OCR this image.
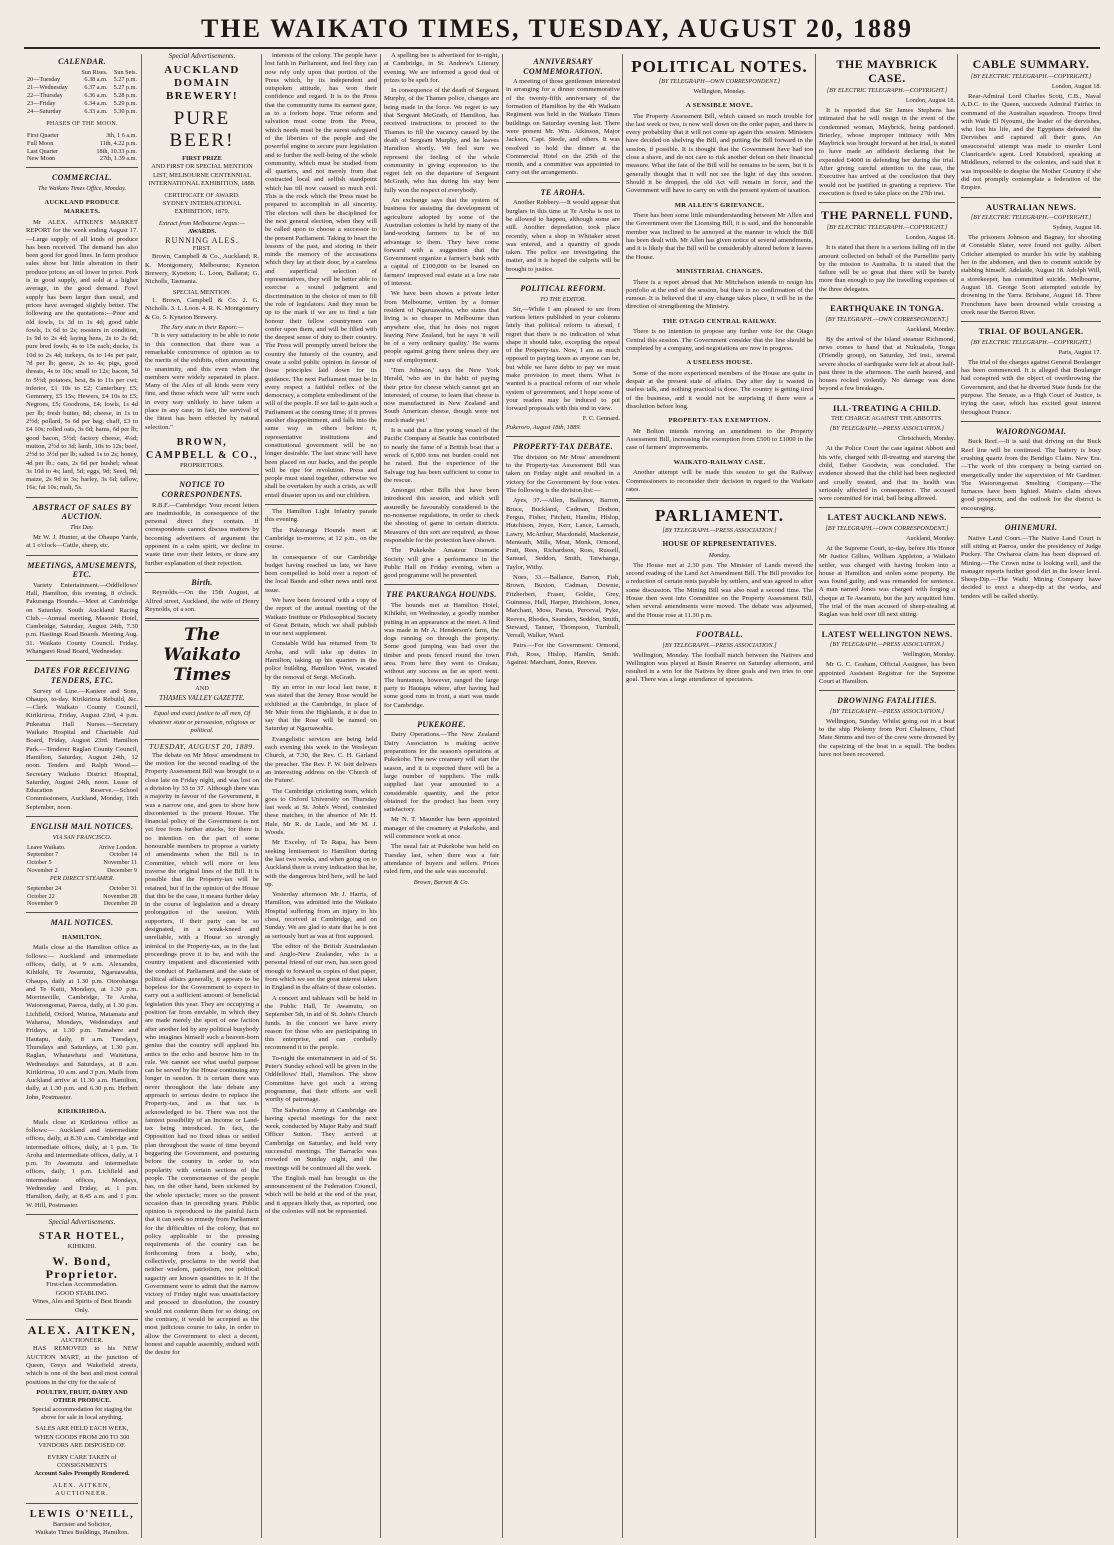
THE WAIKATO TIMES, TUESDAY, AUGUST 20, 1889
CALENDAR.
	Sun Rises.	Sun Sets.
20—Tuesday	6.38 a.m.	5.27 p.m.
21—Wednesday	6.37 a.m.	5.27 p.m.
22—Thursday	6.36 a.m.	5.28 p.m.
23—Friday	6.34 a.m.	5.29 p.m.
24—Saturday	6.33 a.m.	5.30 p.m.
PHASES OF THE MOON.
First Quarter	3th, 1 6 a.m.
Full Moon	11th, 4.22 p.m.
Last Quarter	18th, 10.33 p.m.
New Moon	27th, 1.39 a.m.
COMMERCIAL.
The Waikato Times Office, Monday.
AUCKLAND PRODUCE MARKETS.

Mr ALEX. AITKEN'S MARKET REPORT for the week ending August 17.—Large supply of all kinds of produce has been received. The demand has also been good for good lines. In farm produce sales show but little alteration in their produce prices; an oil lower in price. Pork is in good supply, and sold at a higher average, in the good demand. Fowl supply has been larger than usual, and prices have averaged slightly better. The following are the quotations:—Poor and old fowls, 1s 3d to 1s 4d; good table fowls, 1s 6d to 2s; roosters in condition, 1s 9d to 2s 4d; laying hens, 2s to 2s 6d; pure bred fowls, 4s to 15s each; ducks, 1s 10d to 2s 4d; turkeys, 6s to 14s per pair, 7d per lb; geese, 2s to 4s; pigs, good threats, 4s to 10s; small to 12s; bacon, 5d to 5½d; potatoes, best, 8s to 11s per cwt; inferior, £1 10s to £2; Canterbury £5; Gemmery, £5 15s; Hewers, £4 10s to £5; Negroes, £5; Goodrons, £4; fowls, 1s 4d per lb; fresh butter, 8d; cheese, in 1s to 2½d; pollard, 5s 6d per bag; chaff, £3 to £4 10s; rolled oats, 3s 6d; hams, 6d per lb; good bacon, 5½d; factory cheese, 4¼d; mutton, 2½d to 3d; lamb, 10s to 12s; beef, 2½d to 3½d per lb; salted 1s to 2s; honey, 4d per lb.; oats, 2s 6d per bushel; wheat 3s 10d to 4s; lard, 5d; eggs, 9d; Seed, 9d; maize, 2s 9d to 3s; barley, 3s 6d; tallow, 16s; fat 10s; malt, 5s.

ABSTRACT OF SALES BY AUCTION.
This Day.

Mr W. J. Hunter, at the Ohaupo Yards, at 1 o'clock—Cattle, sheep, etc.

MEETINGS, AMUSEMENTS, ETC.

Variety Entertainment.—Oddfellows' Hall, Hamilton, this evening, 8 o'clock. Pakuranga Hounds.—Meet at Cambridge on Saturday. South Auckland Racing Club.—Annual meeting, Masonic Hotel, Cambridge, Saturday, August 24th, 7.30 p.m. Hastings Road Boards. Meeting Aug. 31. Waikato County Council. Friday. Whangarei Road Board, Wednesday.

DATES FOR RECEIVING TENDERS, ETC.

Survey of Line.—Kaniere and Sons, Ohaupo, to-day. Kirikiriroa Rebuild, &c.—Clerk Waikato County Council, Kirikiriroa, Friday, August 23rd, 4 p.m. Pukeatua Hall Nurses.—Secretary Waikato Hospital and Charitable Aid Board, Friday, August 23rd. Hamilton Park.—Tenderer Raglan County Council, Hamilton, Saturday, August 24th, 12 noon. Tenders and Ralph Wood.—Secretary Waikato District Hospital, Saturday, August 24th, noon. Lease of Education Reserve.—School Commissioners, Auckland, Monday, 16th September, noon.

ENGLISH MAIL NOTICES.
VIA SAN FRANCISCO.
Leave Waikato.	Arrive London.
September 7	October 14
October 5	November 11
November 2	December 9
PER DIRECT STEAMER.
September 24	October 31
October 22	November 28
November 9	December 20
MAIL NOTICES.
HAMILTON.

Mails close at the Hamilton office as follows:— Auckland and intermediate offices, daily, at 9 a.m. Alexandra, Kihikihi, Te Awamutu, Ngaruawahia, Ohaupo, daily at 1.30 p.m. Otorohanga and Te Kuiti, Mondays, at 1.30 p.m. Morrinsville, Cambridge, Te Aroha, Waiorongomai, Paeroa, daily, at 1.30 p.m. Lichfield, Oxford, Waitoa, Matamata and Waharoa, Mondays, Wednesdays and Fridays, at 1.30 p.m. Tamahere and Hautapu, daily, 8 a.m. Tuesdays, Thursdays and Saturdays, at 1.30 p.m. Raglan, Whatawhata and Waitetuna, Wednesdays and Saturdays, at 8 a.m. Kirikiriroa, 10 a.m. and 3 p.m. Mails from Auckland arrive at 11.30 a.m. Hamilton, daily, at 1.30 p.m. and 6.30 p.m. Herbert John, Postmaster.

KIRIKIRIROA.

Mails close at Kirikiriroa office as follows:— Auckland and intermediate offices, daily, at 8.30 a.m. Cambridge and intermediate offices, daily, at 1 p.m. Te Aroha and intermediate offices, daily, at 1 p.m. To Awamutu and intermediate offices, daily, 1 p.m. Lichfield and intermediate offices, Mondays, Wednesday and Friday, at 1 p.m. Hamilton, daily, at 8.45 a.m. and 1 p.m. W. Hill, Postmaster.

Special Advertisements.
STAR HOTEL,
KIHIKIHI.
W. Bond, Proprietor.
First-class Accommodation.
GOOD STABLING.
Wines, Ales and Spirits of Best Brands Only.
ALEX. AITKEN,
AUCTIONEER.

HAS REMOVED to his NEW AUCTION MART, at the junction of Queen, Greys and Wakefield streets, which is one of the best and most central positions in the city for the sale of

POULTRY, FRUIT, DAIRY AND OTHER PRODUCE.
Special accommodation for staging the above for sale in local anything.
SALES ARE HELD EACH WEEK, WHEN GOODS FROM 200 TO 300 VENDORS ARE DISPOSED OF.
EVERY CARE TAKEN of CONSIGNMENTS
Account Sales Promptly Rendered.
ALEX. AITKEN, AUCTIONEER.
LEWIS O'NEILL,
Barrister and Solicitor,
Waikato Times Buildings, Hamilton.
Special Advertisements.
AUCKLAND DOMAIN BREWERY!
PURE BEER!
FIRST PRIZE
AND FIRST OR SPECIAL MENTION LIST, MELBOURNE CENTENNIAL INTERNATIONAL EXHIBITION, 1888.
CERTIFICATE OF AWARD.
SYDNEY INTERNATIONAL EXHIBITION, 1879.
Extract from Melbourne Argus:—
AWARDS.
RUNNING ALES.
FIRST.

Brown, Campbell & Co., Auckland; R. K. Montgomery, Melbourne; Kyneton Brewery, Kyneton; L. Loon, Ballarat; G. Nicholls, Tasmania.

SPECIAL MENTION.

1. Brown, Campbell & Co. 2. G. Nicholls. 3. L. Loon. 4. R. K. Montgomery & Co. 5. Kyneton Brewery.

The Jury state in their Report:—

"It is very satisfactory to be able to note in this connection that there was a remarkable concurrence of opinion as to the merits of the exhibits, often amounting to unanimity, and this even when the members were widely separated in place. Many of the Ales of all kinds were very fine, and those which were 'all' were such in every way unlikely to have taken a place in any case; in fact, the survival of the fittest has been effected by natural selection."

BROWN, CAMPBELL & CO.,
PROPRIETORS.
NOTICE TO CORRESPONDENTS.

R.B.F.—Cambridge: Your recent letters are inadmissible, in consequence of the personal direct they contain. If correspondents cannot discuss matters by becoming advertisers of argument the opponent in a calm spirit, we decline to waste time over their letters, or draw any further explanation of their rejection.

Birth.

Reynolds.—On the 15th August, at Alfred street, Auckland, the wife of Henry Reynolds, of a son.

The Waikato Times
AND
THAMES VALLEY GAZETTE.
Equal and exact justice to all men, Of whatever state or persuasion, religious or political.
TUESDAY, AUGUST 20, 1889.

The debate on Mr Moss' amendment to the motion for the second reading of the Property Assessment Bill was brought to a close late on Friday night, and was lost on a division by 33 to 37. Although there was a majority in favour of the Government, it was a narrow one, and goes to show how discontented is the present House. The financial policy of the Government is not yet free from further attacks, for there is no intention on the part of some honourable members to propose a variety of amendments when the Bill is in Committee, which will more or less traverse the original lines of the Bill. It is possible that the Property-tax will be retained, but if in the opinion of the House that this be the case, it means further delay in the course of legislation and a dreary prolongation of the session. With supporters, if their party can be so designated, in a weak-kneed and unreliable, with a House so strongly inimical to the Property-tax, as in the last proceedings prove it to be, and with the country impatient and discontented with the conduct of Parliament and the state of political affairs generally, it appears to be hopeless for the Government to expect to carry out a sufficient amount of beneficial legislation this year. They are occupying a position far from enviable, in which they are made merely the sport of one faction after another led by any political busybody who imagines himself such a heaven-born genius that the country will applaud his antics to the echo and besrow him to its rule. We cannot see what useful purpose can be served by the House continuing any longer in session. It is certain there was never throughout the late debate any approach to serious desire to replace the Property-tax, and as that tax is acknowledged to be. There was not the faintest possibility of an Income or Land-tax being introduced. In fact, the Opposition had no fixed ideas or settled plan throughout the waste of time beyond beggaring the Government, and posturing before the country in order to win popularity with certain sections of the people. The commonsense of the people has, on the other hand, been sickened by the whole spectacle; more so the present occasion than in preceding years. Public opinion is reproduced to the painful facts that it can seek no remedy from Parliament for the difficulties of the colony, that no policy applicable to the pressing requirements of the country can be forthcoming from a body, who, collectively, proclaims to the world that neither wisdom, patriotism, nor political sagacity are known quantities to it. If the Government were to admit that the narrow victory of Friday night was unsatisfactory and proceed to dissolution, the country would not condemn them for so doing; on the contrary, it would be accepted as the most judicious course to take, in order to allow the Government to elect a decent, honest and capable assembly, endued with the desire for

interests of the colony. The people have lost faith in Parliament, and feel they can now rely only upon that portion of the Press which, by its independent and outspoken attitude, has won their confidence and regard. It is to the Press that the community turns its earnest gaze, as to a forlorn hope. True reform and salvation must come from the Press, which needs must be the surest safeguard of the liberties of the people and the powerful engine to secure pure legislation and to further the well-being of the whole community, which must be studied from all quarters, and not merely from that contracted local and selfish standpoint which has till now caused so much evil. This is the rock which the Press must be prepared to accomplish in all sincerity. The electors will then be disciplined for the next general election, when they will be called upon to choose a successor to the present Parliament. Taking to heart the lessons of the past, and storing in their minds the memory of the accusations which they lay at their door, by a careless and superficial selection of representatives, they will be better able to exercise a sound judgment and discrimination in the choice of men to fill the role of legislators. And they must be up to the mark if we are to find a fair honour their fellow countrymen can confer upon them, and will be filled with the deepest sense of duty to their country. The Press will promptly unveil before the country the futurely of the country, and create a solid public opinion in favour of those principles laid down for its guidance. The next Parliament must be in every respect a faithful reflex of the democracy, a complete embodiment of the will of the people. If we fail to gain such a Parliament at the coming time; if it proves another disappointment, and falls into the same way as others before it, representative institutions and constitutional government will be no longer desirable. The last straw will have been placed on our backs, and the people will be ripe for revolution. Press and people must stand together, otherwise we shall be overtaken by such a crisis, as will entail disaster upon us and our children.

The Hamilton Light Infantry parade this evening.

The Pakuranga Hounds meet at Cambridge to-morrow, at 12 p.m., on the course.

In consequence of our Cambridge budget having reached us late, we have been compelled to hold over a report of the local Bands and other news until next issue.

We have been favoured with a copy of the report of the annual meeting of the Waikato Institute or Philosophical Society of Great Britain, which we shall publish in our next supplement.

Constable Wild has returned from Te Aroha, and will take up duties in Hamilton, taking up his quarters in the police building, Hamilton West, vacated by the removal of Sergt. McGrath.

By an error in our local last issue, it was stated that the Jersey Rose would be exhibited at the Cambridge, in place of Mr Muir from the Highlands, it is due to say that the Rose will be named on Saturday at Ngaruawahia.

Evangelistic services are being held each evening this week in the Wesleyan Church, at 7.30, the Rev. C. H. Garland the preacher. The Rev. F. W. Isitt delivers an interesting address on the 'Church of the Future'.

The Cambridge cricketing team, which goes to Oxford University on Thursday last week at St. John's Wood, contested these matches, in the absence of Mr H. Hale, Mr R. de Laule, and Mr M. J. Woods.

Mr Excelsy, of Te Rapa, has been seeking lentisement to Hamilton during the last two weeks, and when going on to Auckland there is every indication that he, with the dangerous bird here, will be laid up.

Yesterday afternoon Mr J. Harris, of Hamilton, was admitted into the Waikato Hospital suffering from an injury to his chest, received at Cambridge, and on Sunday. We are glad to state that he is not as seriously hurt as was at first supposed.

The editor of the British Australasian and Anglo-New Zealander, who is a personal friend of our own, has seen good enough to forward us copies of that paper, from which we see the great interest taken in England in the affairs of these colonies.

A concert and tableaux will be held in the Public Hall, Te Awamutu, on September 5th, in aid of St. John's Church funds. In the concert we have every reason for those who are participating in this enterprise, and can cordially recommend it to the people.

To-night the entertainment in aid of St. Peter's Sunday school will be given in the Oddfellows' Hall, Hamilton. The show Committee have got such a strong programme, that their efforts are well worthy of patronage.

The Salvation Army at Cambridge are having special meetings for the next week, conducted by Major Raby and Staff Officer Sutton. They arrived at Cambridge on Saturday, and held very successful meetings. The Barracks was crowded on Sunday night, and the meetings will be continued all the week.

The English mail has brought us the announcement of the Federation Council, which will be held at the end of the year, and it appears likely that, as reported, one of the colonies will not be represented.

A spelling bee is advertised for to-night, at Cambridge, in St. Andrew's Literary evening. We are informed a good deal of prizes to be spelt for.

In consequence of the death of Sergeant Murphy, of the Thames police, changes are being made in the force. We regret to say that Sergeant McGrath, of Hamilton, has received instructions to proceed to the Thames to fill the vacancy caused by the death of Sergeant Murphy, and he leaves Hamilton shortly. We feel sure we represent the feeling of the whole community in giving expression to the regret felt on the departure of Sergeant McGrath, who has during his stay here fully won the respect of everybody.

An exchange says that the system of business for assisting the development of agriculture adopted by some of the Australian colonies is held by many of the land-working farmers to be of no advantage to them. They have come forward with a suggestion that the Government organize a farmer's bank with a capital of £100,000 to be loaned on farmers' improved real estate at a low rate of interest.

We have been shown a private letter from Melbourne, written by a former resident of Ngaruawahia, who states that living is so cheaper in Melbourne than anywhere else, that he does not regret leaving New Zealand, but he says 'it will be of a very ordinary quality.' He warns people against going there unless they are sure of employment.

'Tom Johnson,' says the New York Herald, 'who are in the habit of paying their price for cheese which cannot get an interested, of course, to learn that cheese is now manufactured in New Zealand and South American cheese, though were not much made yet.'

It is said that a fine young vessel of the Pacific Company at Seattle has contributed to nearly the fame of a British boat that a wreck of 6,000 tons net burden could not be raised. But the experience of the Salvage tug has been sufficient to come to the rescue.

Amongst other Bills that have been introduced this session, and which will assuredly be favourably considered is the no-nonsense regulations, in order to check the shooting of game in certain districts. Measures of this sort are required, as those responsible for the protection have shown.

The Pukekohe Amateur Dramatic Society will give a performance in the Public Hall on Friday evening, when a good programme will be presented.

THE PAKURANGA HOUNDS.

The hounds met at Hamilton Hotel, Kihikihi, on Wednesday, a goodly number putting in an appearance at the meet. A find was made in Mr A. Henderson's farm, the dogs running on through the property. Some good jumping was had over the timber and posts fenced round the town area. From here they went to Orakau, without any success as far as sport went. The huntsmen, however, ranged the large party to Hautapu where, after having had some good runs in front, a start was made for Cambridge.

PUKEKOHE.

Dairy Operations.—The New Zealand Dairy Association is making active preparations for the season's operations at Pukekohe. The new creamery will start the season, and it is expected there will be a large number of suppliers. The milk supplied last year amounted to a considerable quantity, and the price obtained for the product has been very satisfactory.

Mr N. T. Maunder has been appointed manager of the creamery at Pukekohe, and will commence work at once.

The usual fair at Pukekohe was held on Tuesday last, when there was a fair attendance of buyers and sellers. Prices ruled firm, and the sale was successful.

Brown, Barrett & Co.
ANNIVERSARY COMMEMORATION.

A meeting of those gentlemen interested in arranging for a dinner commemorative of the twenty-fifth anniversary of the formation of Hamilton by the 4th Waikato Regiment was held in the Waikato Times buildings on Saturday evening last. There were present Mr. Wm. Atkinson, Major Jackson, Capt. Steele, and others. It was resolved to hold the dinner at the Commercial Hotel on the 25th of the month, and a committee was appointed to carry out the arrangements.

TE AROHA.

Another Robbery.—It would appear that burglars in this time at Te Aroha is not to be allowed to happen, although some are still. Another depredation took place recently, when a shop in Whitaker street was entered, and a quantity of goods taken. The police are investigating the matter, and it is hoped the culprits will be brought to justice.

POLITICAL REFORM.
TO THE EDITOR.

Sir,—While I am pleased to see from various letters published in your columns lately that political reform is abroad, I regret that there is no indication of what shape it should take, excepting the repeal of the Property-tax. Now, I am as much opposed to paying taxes as anyone can be, but while we have debts to pay we must make provision to meet them. What is wanted is a practical reform of our whole system of government, and I hope some of your readers may be induced to put forward proposals with this end in view.

F. C. Gennard.
Pukeroro, August 18th, 1889.
PROPERTY-TAX DEBATE.

The division on Mr Moss' amendment to the Property-tax Assessment Bill was taken on Friday night and resulted in a victory for the Government by four votes. The following is the division list:—

Ayes, 37.—Allen, Ballance, Barron, Bruce, Buckland, Cadman, Dodson, Fergus, Fisher, Fitchett, Hamlin, Hislop, Hutchison, Joyce, Kerr, Lance, Larnach, Lawry, McArthur, Macdonald, Mackenzie, Menteath, Mills, Moat, Monk, Ormond, Pratt, Rees, Richardson, Ross, Russell, Samuel, Seddon, Smith, Taiwhanga, Taylor, Withy.

Noes, 33.—Ballance, Barron, Fish, Brown, Buxton, Cadman, Downie, Fitzherbert, Fraser, Goldie, Grey, Guinness, Hall, Harper, Hutchison, Jones, Marchant, Moss, Parata, Perceval, Pyke, Reeves, Rhodes, Saunders, Seddon, Smith, Steward, Tanner, Thompson, Turnbull, Verrall, Walker, Ward.

Pairs.—For the Government: Ormond, Fish, Ross, Hislop, Hamlin, Smith. Against: Marchant, Jones, Reeves.

POLITICAL NOTES.
[BY TELEGRAPH—OWN CORRESPONDENT.]
Wellington, Monday.
A SENSIBLE MOVE.

The Property Assessment Bill, which caused so much trouble for the last week or two, is now well down on the order paper, and there is every probability that it will not come up again this session. Ministers have decided on shelving the Bill, and putting the Bill forward in the session, if possible. It is thought that the Government have had too close a shave, and do not care to risk another defeat on their financial measure. What the fate of the Bill will be remains to be seen, but it is generally thought that it will not see the light of day this session. Should it be dropped, the old Act will remain in force, and the Government will have to carry on with the present system of taxation.

MR ALLEN'S GRIEVANCE.

There has been some little misunderstanding between Mr Allen and the Government over the Licensing Bill, it is said, and the honourable member was inclined to be annoyed at the manner in which the Bill has been dealt with. Mr Allen has given notice of several amendments, and it is likely that the Bill will be considerably altered before it leaves the House.

MINISTERIAL CHANGES.

There is a report abroad that Mr Mitchelson intends to resign his portfolio at the end of the session, but there is no confirmation of the rumour. It is believed that if any change takes place, it will be in the direction of strengthening the Ministry.

THE OTAGO CENTRAL RAILWAY.

There is no intention to propose any further vote for the Otago Central this session. The Government consider that the line should be completed by a company, and negotiations are now in progress.

A USELESS HOUSE.

Some of the more experienced members of the House are quite in despair at the present state of affairs. Day after day is wasted in useless talk, and nothing practical is done. The country is getting tired of the business, and it would not be surprising if there were a dissolution before long.

PROPERTY-TAX EXEMPTION.

Mr Bolton intends moving an amendment to the Property Assessment Bill, increasing the exemption from £500 to £1000 in the case of farmers' improvements.

WAIKATO-RAILWAY CASE.

Another attempt will be made this session to get the Railway Commissioners to reconsider their decision in regard to the Waikato rates.

PARLIAMENT.
[BY TELEGRAPH.—PRESS ASSOCIATION.]
HOUSE OF REPRESENTATIVES.
Monday.

The House met at 2.30 p.m. The Minister of Lands moved the second reading of the Land Act Amendment Bill. The Bill provides for a reduction of certain rents payable by settlers, and was agreed to after some discussion. The Mining Bill was also read a second time. The House then went into Committee on the Property Assessment Bill, when several amendments were moved. The debate was adjourned, and the House rose at 11.30 p.m.

FOOTBALL.
[BY TELEGRAPH.—PRESS ASSOCIATION.]

Wellington, Monday. The football match between the Natives and Wellington was played at Basin Reserve on Saturday afternoon, and resulted in a win for the Natives by three goals and two tries to one goal. There was a large attendance of spectators.

THE MAYBRICK CASE.
[BY ELECTRIC TELEGRAPH.—COPYRIGHT.]
London, August 18.

It is reported that Sir James Stephens has intimated that he will resign in the event of the condemned woman, Maybrick, being pardoned. Brierley, whose improper intimacy with Mrs Maybrick was brought forward at her trial, is stated to have made an affidavit declaring that he expended £4000 in defending her during the trial. After giving careful attention to the case, the Executive has arrived at the conclusion that they would not be justified in granting a reprieve. The execution is fixed to take place on the 27th inst.

THE PARNELL FUND.
[BY ELECTRIC TELEGRAPH.—COPYRIGHT.]
London, August 18.

It is stated that there is a serious falling off in the amount collected on behalf of the Parnellite party by the mission to Australia. It is stated that the failure will be so great that there will be barely more than enough to pay the travelling expenses of the three delegates.

EARTHQUAKE IN TONGA.
[BY TELEGRAPH.—OWN CORRESPONDENT.]
Auckland, Monday.

By the arrival of the Island steamer Richmond, news comes to hand that at Nukualofa, Tonga (Friendly group), on Saturday, 3rd inst., several severe shocks of earthquake were felt at about half-past three in the afternoon. The earth heaved, and houses rocked violently. No damage was done beyond a few breakages.

ILL-TREATING A CHILD.
THE CHARGE AGAINST THE ABBOTTS.
[BY TELEGRAPH.—PRESS ASSOCIATION.]
Christchurch, Monday.

At the Police Court the case against Abbott and his wife, charged with ill-treating and starving the child, Esther Goodwin, was concluded. The evidence showed that the child had been neglected and cruelly treated, and that its health was seriously affected in consequence. The accused were committed for trial, bail being allowed.

LATEST AUCKLAND NEWS.
[BY TELEGRAPH.—OWN CORRESPONDENT.]
Auckland, Monday.

At the Supreme Court, to-day, before His Honor Mr Justice Gillies, William Appleton, a Waikato settler, was charged with having broken into a house at Hamilton and stolen some property. He was found guilty, and was remanded for sentence. A man named Jones was charged with forging a cheque at Te Awamutu, but the jury acquitted him. The trial of the man accused of sheep-stealing at Raglan was held over till next sitting.

LATEST WELLINGTON NEWS.
[BY TELEGRAPH.—PRESS ASSOCIATION.]
Wellington, Monday.

Mr G. C. Graham, Official Assignee, has been appointed Assistant Registrar for the Supreme Court at Hamilton.

DROWNING FATALITIES.
[BY TELEGRAPH.—PRESS ASSOCIATION.]

Wellington, Sunday. Whilst going out in a boat to the ship Ptolemy from Port Chalmers, Chief Mate Simms and two of the crew were drowned by the capsizing of the boat in a squall. The bodies have not been recovered.

CABLE SUMMARY.
[BY ELECTRIC TELEGRAPH.—COPYRIGHT.]
London, August 18.

Rear-Admiral Lord Charles Scott, C.B., Naval A.D.C. to the Queen, succeeds Admiral Fairfax in command of the Australian squadron. Troops fired with Wade El Nyoumi, the leader of the dervishes, who lost his life, and the Egyptians defeated the Dervishes and captured all their guns. An unsuccessful attempt was made to murder Lord Clanricarde's agent. Lord Knutsford, speaking at Middlesex, referred to the colonies, and said that it was impossible to despise the Mother Country if she did not promptly contemplate a federation of the Empire.

AUSTRALIAN NEWS.
[BY ELECTRIC TELEGRAPH.—COPYRIGHT.]
Sydney, August 18.

The prisoners Johnson and Bagnay, for shooting at Constable Slater, were found not guilty. Albert Critcher attempted to murder his wife by stabbing her in the abdomen, and then to commit suicide by stabbing himself. Adelaide, August 18. Adolph Will, a storekeeper, has committed suicide. Melbourne, August 18. George Scott attempted suicide by drowning in the Yarra. Brisbane, August 18. Three Frenchmen have been drowned while crossing a creek near the Barron River.

TRIAL OF BOULANGER.
[BY ELECTRIC TELEGRAPH.—COPYRIGHT.]
Paris, August 17.

The trial of the charges against General Boulanger has been commenced. It is alleged that Boulanger had conspired with the object of overthrowing the Government, and that he diverted State funds for the purpose. The Senate, as a High Court of Justice, is trying the case, which has excited great interest throughout France.

WAIORONGOMAI.

Buck Reef.—It is said that driving on the Buck Reef line will be continued. The battery is busy crushing quartz from the Bendigo Claim. New Era.—The work of this company is being carried on energetically under the supervision of Mr Gardiner. The Waiorongomai Smelting Company.—The furnaces have been lighted. Main's claim shows good prospects, and the outlook for the district is encouraging.

OHINEMURI.

Native Land Court.—The Native Land Court is still sitting at Paeroa, under the presidency of Judge Puckey. The Owharoa claim has been disposed of. Mining.—The Crown mine is looking well, and the manager reports further good dirt in the lower level. Sheep-Dip.—The Waihi Mining Company have decided to erect a sheep-dip at the works, and tenders will be called shortly.
